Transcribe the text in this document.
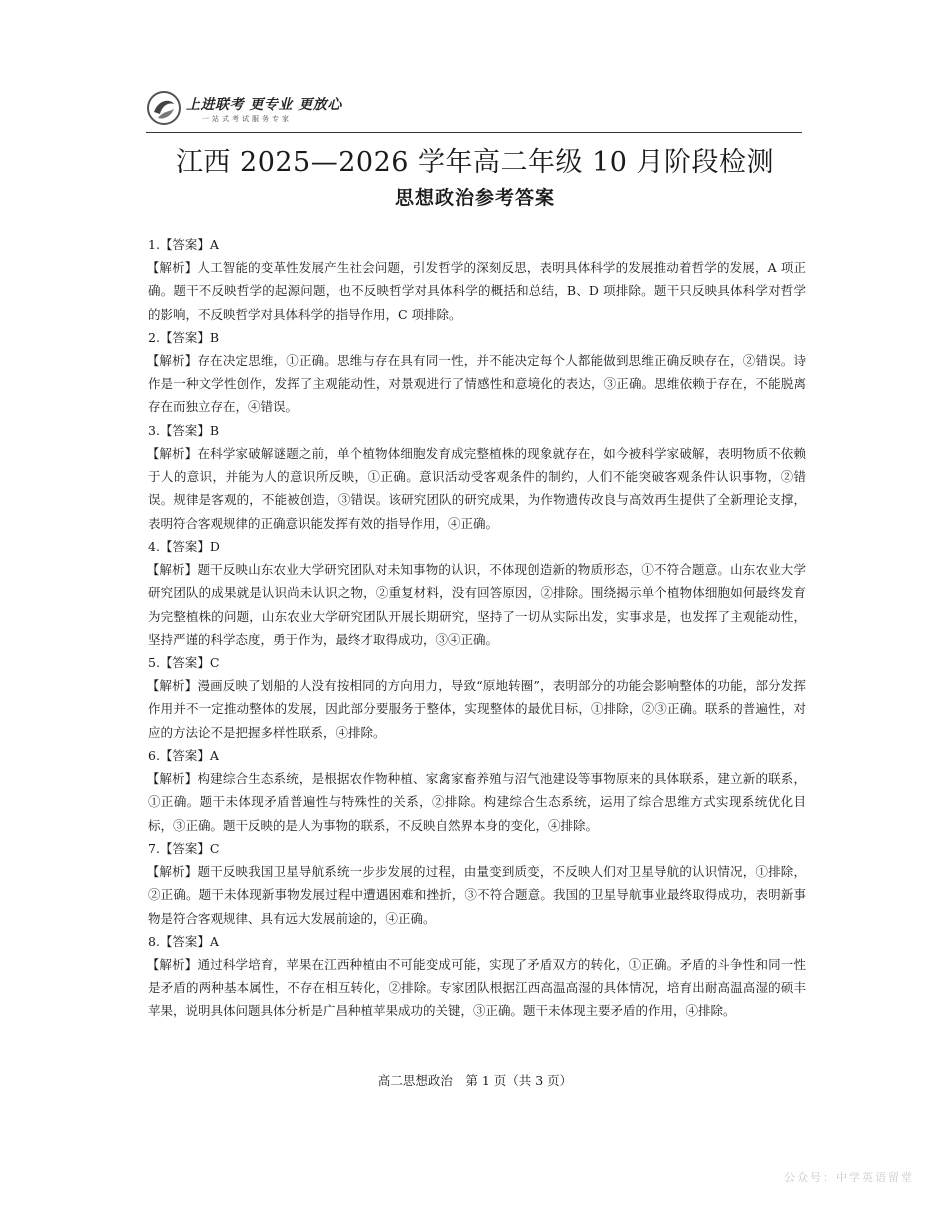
上进联考 更专业 更放心
一站式考试服务专家
江西 2025—2026 学年高二年级 10 月阶段检测
思想政治参考答案
1.【答案】A
【解析】人工智能的变革性发展产生社会问题，引发哲学的深刻反思，表明具体科学的发展推动着哲学的发展，A 项正确。题干不反映哲学的起源问题，也不反映哲学对具体科学的概括和总结，B、D 项排除。题干只反映具体科学对哲学的影响，不反映哲学对具体科学的指导作用，C 项排除。
2.【答案】B
【解析】存在决定思维，①正确。思维与存在具有同一性，并不能决定每个人都能做到思维正确反映存在，②错误。诗作是一种文学性创作，发挥了主观能动性，对景观进行了情感性和意境化的表达，③正确。思维依赖于存在，不能脱离存在而独立存在，④错误。
3.【答案】B
【解析】在科学家破解谜题之前，单个植物体细胞发育成完整植株的现象就存在，如今被科学家破解，表明物质不依赖于人的意识，并能为人的意识所反映，①正确。意识活动受客观条件的制约，人们不能突破客观条件认识事物，②错误。规律是客观的，不能被创造，③错误。该研究团队的研究成果，为作物遗传改良与高效再生提供了全新理论支撑，表明符合客观规律的正确意识能发挥有效的指导作用，④正确。
4.【答案】D
【解析】题干反映山东农业大学研究团队对未知事物的认识，不体现创造新的物质形态，①不符合题意。山东农业大学研究团队的成果就是认识尚未认识之物，②重复材料，没有回答原因，②排除。围绕揭示单个植物体细胞如何最终发育为完整植株的问题，山东农业大学研究团队开展长期研究，坚持了一切从实际出发，实事求是，也发挥了主观能动性，坚持严谨的科学态度，勇于作为，最终才取得成功，③④正确。
5.【答案】C
【解析】漫画反映了划船的人没有按相同的方向用力，导致“原地转圈”，表明部分的功能会影响整体的功能，部分发挥作用并不一定推动整体的发展，因此部分要服务于整体，实现整体的最优目标，①排除，②③正确。联系的普遍性，对应的方法论不是把握多样性联系，④排除。
6.【答案】A
【解析】构建综合生态系统，是根据农作物种植、家禽家畜养殖与沼气池建设等事物原来的具体联系，建立新的联系，①正确。题干未体现矛盾普遍性与特殊性的关系，②排除。构建综合生态系统，运用了综合思维方式实现系统优化目标，③正确。题干反映的是人为事物的联系，不反映自然界本身的变化，④排除。
7.【答案】C
【解析】题干反映我国卫星导航系统一步步发展的过程，由量变到质变，不反映人们对卫星导航的认识情况，①排除，②正确。题干未体现新事物发展过程中遭遇困难和挫折，③不符合题意。我国的卫星导航事业最终取得成功，表明新事物是符合客观规律、具有远大发展前途的，④正确。
8.【答案】A
【解析】通过科学培育，苹果在江西种植由不可能变成可能，实现了矛盾双方的转化，①正确。矛盾的斗争性和同一性是矛盾的两种基本属性，不存在相互转化，②排除。专家团队根据江西高温高湿的具体情况，培育出耐高温高湿的硕丰苹果，说明具体问题具体分析是广昌种植苹果成功的关键，③正确。题干未体现主要矛盾的作用，④排除。
高二思想政治　第 1 页（共 3 页）
公众号：中学英语留堂
